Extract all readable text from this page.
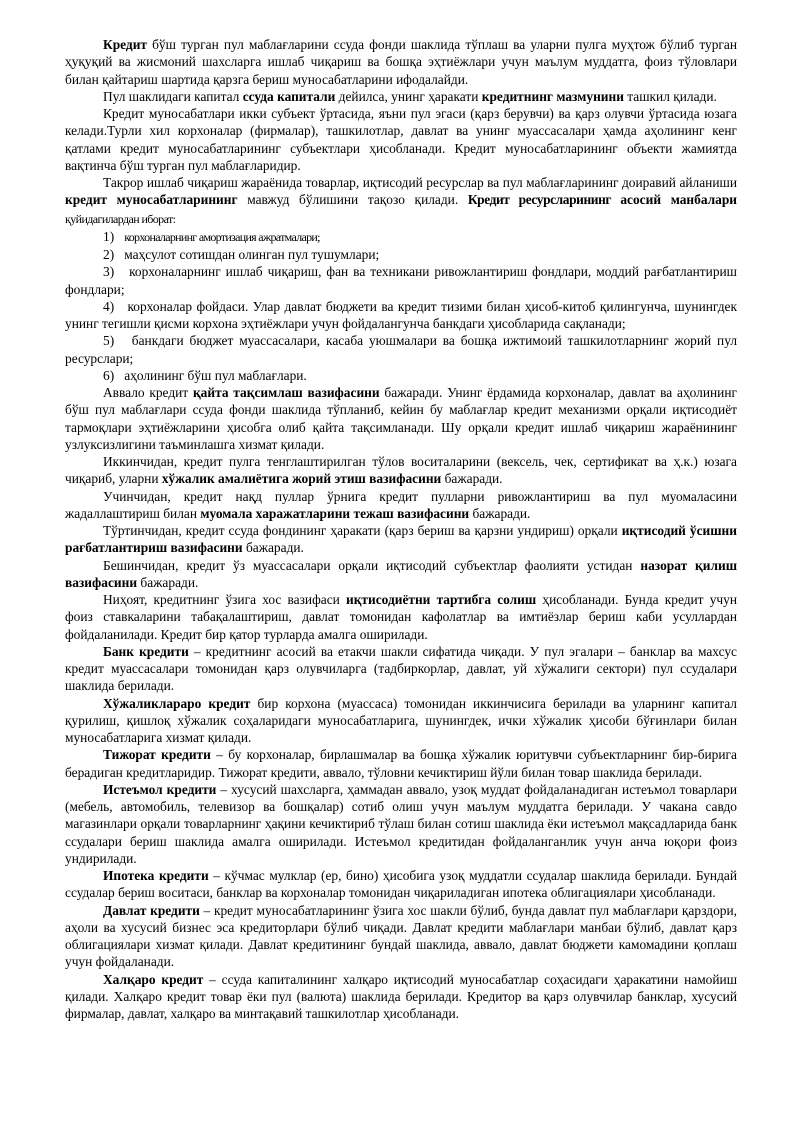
Кредит бўш турган пул маблағларини ссуда фонди шаклида тўплаш ва уларни пулга муҳтож бўлиб турган ҳуқуқий ва жисмоний шахсларга ишлаб чиқариш ва бошқа эҳтиёжлари учун маълум муддатга, фоиз тўловлари билан қайтариш шартида қарзга бериш муносабатларини ифодалайди.

Пул шаклидаги капитал ссуда капитали дейилса, унинг ҳаракати кредитнинг мазмунини ташкил қилади.

Кредит муносабатлари икки субъект ўртасида, яъни пул эгаси (қарз берувчи) ва қарз олувчи ўртасида юзага келади.Турли хил корхоналар (фирмалар), ташкилотлар, давлат ва унинг муассасалари ҳамда аҳолининг кенг қатлами кредит муносабатларининг субъектлари ҳисобланади. Кредит муносабатларининг объекти жамиятда вақтинча бўш турган пул маблағларидир.

Такрор ишлаб чиқариш жараёнида товарлар, иқтисодий ресурслар ва пул маблағларининг доиравий айланиши кредит муносабатларининг мавжуд бўлишини тақозо қилади. Кредит ресурсларининг асосий манбалари қуйидагилардан иборат:

1) корхоналарнинг амортизация ажратмалари;

2) маҳсулот сотишдан олинган пул тушумлари;

3) корхоналарнинг ишлаб чиқариш, фан ва техникани ривожлантириш фондлари, моддий рағбатлантириш фондлари;

4) корхоналар фойдаси. Улар давлат бюджети ва кредит тизими билан ҳисоб-китоб қилингунча, шунингдек унинг тегишли қисми корхона эҳтиёжлари учун фойдалангунча банкдаги ҳисобларида сақланади;

5) банкдаги бюджет муассасалари, касаба уюшмалари ва бошқа ижтимоий ташкилотларнинг жорий пул ресурслари;

6) аҳолининг бўш пул маблағлари.

Аввало кредит қайта тақсимлаш вазифасини бажаради. Унинг ёрдамида корхоналар, давлат ва аҳолининг бўш пул маблағлари ссуда фонди шаклида тўпланиб, кейин бу маблағлар кредит механизми орқали иқтисодиёт тармоқлари эҳтиёжларини ҳисобга олиб қайта тақсимланади. Шу орқали кредит ишлаб чиқариш жараёнининг узлуксизлигини таъминлашга хизмат қилади.

Иккинчидан, кредит пулга тенглаштирилган тўлов воситаларини (вексель, чек, сертификат ва ҳ.к.) юзага чиқариб, уларни хўжалик амалиётига жорий этиш вазифасини бажаради.

Учинчидан, кредит нақд пуллар ўрнига кредит пулларни ривожлантириш ва пул муомаласини жадаллаштириш билан муомала харажатларини тежаш вазифасини бажаради.

Тўртинчидан, кредит ссуда фондининг ҳаракати (қарз бериш ва қарзни ундириш) орқали иқтисодий ўсишни рағбатлантириш вазифасини бажаради.

Бешинчидан, кредит ўз муассасалари орқали иқтисодий субъектлар фаолияти устидан назорат қилиш вазифасини бажаради.

Ниҳоят, кредитнинг ўзига хос вазифаси иқтисодиётни тартибга солиш ҳисобланади. Бунда кредит учун фоиз ставкаларини табақалаштириш, давлат томонидан кафолатлар ва имтиёзлар бериш каби усуллардан фойдаланилади. Кредит бир қатор турларда амалга оширилади.

Банк кредити – кредитнинг асосий ва етакчи шакли сифатида чиқади. У пул эгалари – банклар ва махсус кредит муассасалари томонидан қарз олувчиларга (тадбиркорлар, давлат, уй хўжалиги сектори) пул ссудалари шаклида берилади.

Хўжаликлараро кредит бир корхона (муассаса) томонидан иккинчисига берилади ва уларнинг капитал қурилиш, қишлоқ хўжалик соҳаларидаги муносабатларига, шунингдек, ички хўжалик ҳисоби бўғинлари билан муносабатларига хизмат қилади.

Тижорат кредити – бу корхоналар, бирлашмалар ва бошқа хўжалик юритувчи субъектларнинг бир-бирига берадиган кредитларидир. Тижорат кредити, аввало, тўловни кечиктириш йўли билан товар шаклида берилади.

Истеъмол кредити – хусусий шахсларга, ҳаммадан аввало, узоқ муддат фойдаланадиган истеъмол товарлари (мебель, автомобиль, телевизор ва бошқалар) сотиб олиш учун маълум муддатга берилади. У чакана савдо магазинлари орқали товарларнинг ҳақини кечиктириб тўлаш билан сотиш шаклида ёки истеъмол мақсадларида банк ссудалари бериш шаклида амалга оширилади. Истеъмол кредитидан фойдаланганлик учун анча юқори фоиз ундирилади.

Ипотека кредити – кўчмас мулклар (ер, бино) ҳисобига узоқ муддатли ссудалар шаклида берилади. Бундай ссудалар бериш воситаси, банклар ва корхоналар томонидан чиқариладиган ипотека облигациялари ҳисобланади.

Давлат кредити – кредит муносабатларининг ўзига хос шакли бўлиб, бунда давлат пул маблағлари қарздори, аҳоли ва хусусий бизнес эса кредиторлари бўлиб чиқади. Давлат кредити маблағлари манбаи бўлиб, давлат қарз облигациялари хизмат қилади. Давлат кредитининг бундай шаклида, аввало, давлат бюджети камомадини қоплаш учун фойдаланади.

Халқаро кредит – ссуда капиталининг халқаро иқтисодий муносабатлар соҳасидаги ҳаракатини намойиш қилади. Халқаро кредит товар ёки пул (валюта) шаклида берилади. Кредитор ва қарз олувчилар банклар, хусусий фирмалар, давлат, халқаро ва минтақавий ташкилотлар ҳисобланади.
